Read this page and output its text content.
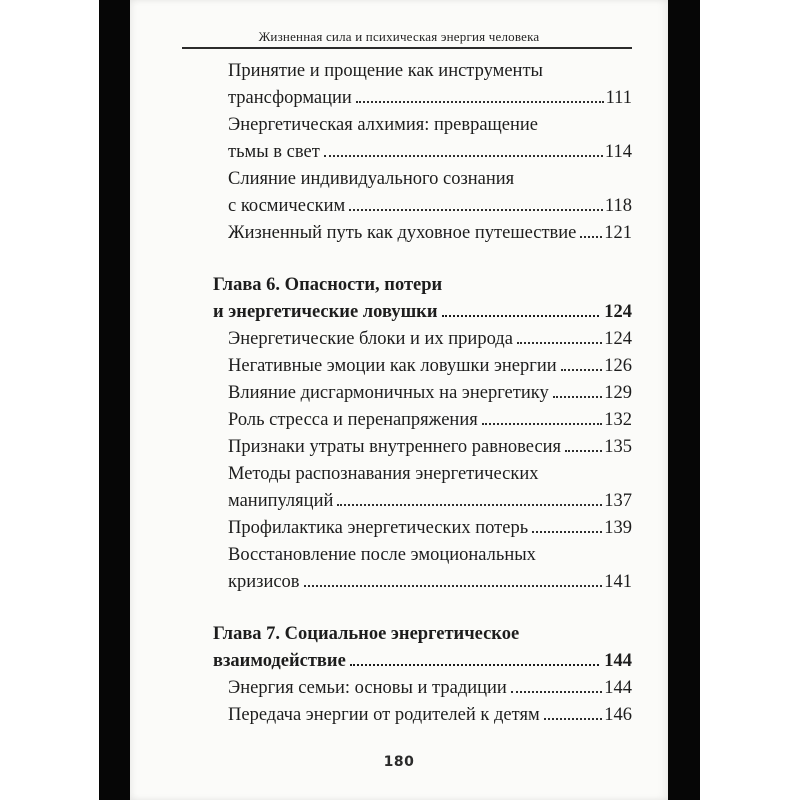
Жизненная сила и психическая энергия человека
Принятие и прощение как инструменты
трансформации	111
Энергетическая алхимия: превращение
тьмы в свет	114
Слияние индивидуального сознания
с космическим	118
Жизненный путь как духовное путешествие 121
Глава 6. Опасности, потери
и энергетические ловушки	124
Энергетические блоки и их природа	124
Негативные эмоции как ловушки энергии	126
Влияние дисгармоничных на энергетику	129
Роль стресса и перенапряжения	132
Признаки утраты внутреннего равновесия 135
Методы распознавания энергетических
манипуляций	137
Профилактика энергетических потерь	139
Восстановление после эмоциональных
кризисов	141
Глава 7. Социальное энергетическое
взаимодействие	144
Энергия семьи: основы и традиции	144
Передача энергии от родителей к детям	146
180
